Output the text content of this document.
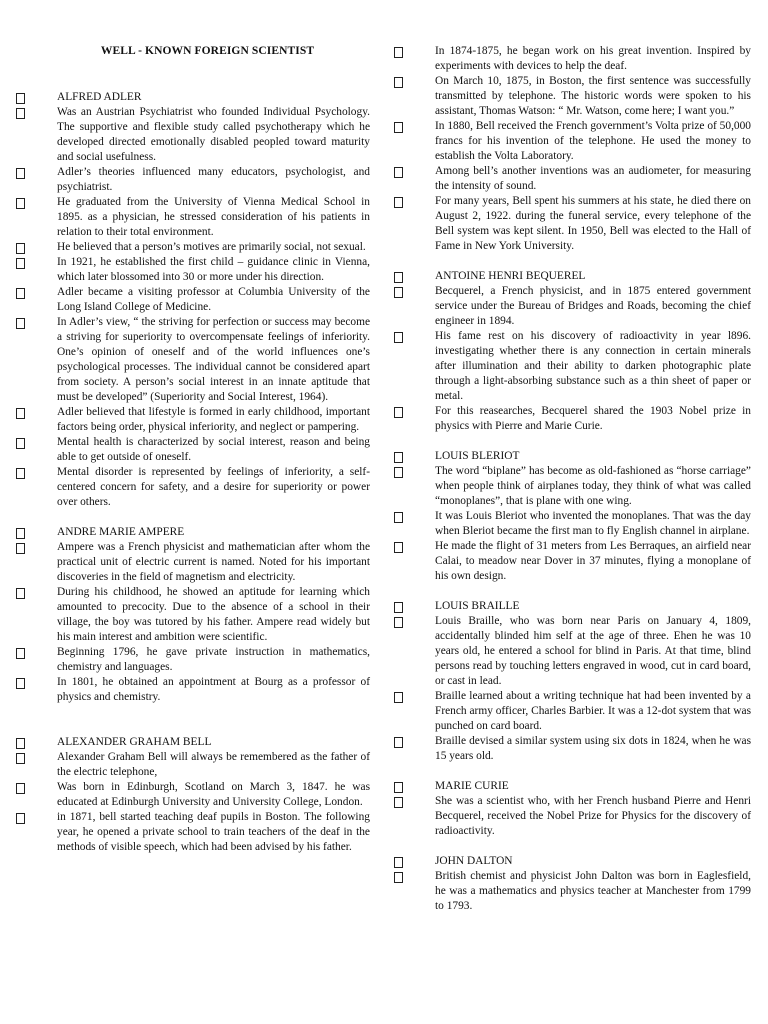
WELL - KNOWN FOREIGN SCIENTIST
ALFRED ADLER
Was an Austrian Psychiatrist who founded Individual Psychology. The supportive and flexible study called psychotherapy which he developed directed emotionally disabled peopled toward maturity and social usefulness.
Adler’s theories influenced many educators, psychologist, and psychiatrist.
He graduated from the University of Vienna Medical School in 1895. as a physician, he stressed consideration of his patients in relation to their total environment.
He believed that a person’s motives are primarily social, not sexual.
In 1921, he established the first child – guidance clinic in Vienna, which later blossomed into 30 or more under his direction.
Adler became a visiting professor at Columbia University of the Long Island College of Medicine.
In Adler’s view, “ the striving for perfection or success may become a striving for superiority to overcompensate feelings of inferiority. One’s opinion of oneself and of the world influences one’s psychological processes. The individual cannot be considered apart from society. A person’s social interest in an innate aptitude that must be developed” (Superiority and Social Interest, 1964).
Adler believed that lifestyle is formed in early childhood, important factors being order, physical inferiority, and neglect or pampering.
Mental health is characterized by social interest, reason and being able to get outside of oneself.
Mental disorder is represented by feelings of inferiority, a self-centered concern for safety, and a desire for superiority or power over others.
ANDRE MARIE AMPERE
Ampere was a French physicist and mathematician after whom the practical unit of electric current is named. Noted for his important discoveries in the field of magnetism and electricity.
During his childhood, he showed an aptitude for learning which amounted to precocity. Due to the absence of a school in their village, the boy was tutored by his father. Ampere read widely but his main interest and ambition were scientific.
Beginning 1796, he gave private instruction in mathematics, chemistry and languages.
In 1801, he obtained an appointment at Bourg as a professor of physics and chemistry.
ALEXANDER GRAHAM BELL
Alexander Graham Bell will always be remembered as the father of the electric telephone,
Was born in Edinburgh, Scotland on March 3, 1847. he was educated at Edinburgh University and University College, London.
in 1871, bell started teaching deaf pupils in Boston. The following year, he opened a private school to train teachers of the deaf in the methods of visible speech, which had been advised by his father.
In 1874-1875, he began work on his great invention. Inspired by experiments with devices to help the deaf.
On March 10, 1875, in Boston, the first sentence was successfully transmitted by telephone. The historic words were spoken to his assistant, Thomas Watson: “ Mr. Watson, come here; I want you.”
In 1880, Bell received the French government’s Volta prize of 50,000 francs for his invention of the telephone. He used the money to establish the Volta Laboratory.
Among bell’s another inventions was an audiometer, for measuring the intensity of sound.
For many years, Bell spent his summers at his state, he died there on August 2, 1922. during the funeral service, every telephone of the Bell system was kept silent. In 1950, Bell was elected to the Hall of Fame in New York University.
ANTOINE HENRI BEQUEREL
Becquerel, a French physicist, and in 1875 entered government service under the Bureau of Bridges and Roads, becoming the chief engineer in 1894.
His fame rest on his discovery of radioactivity in year l896. investigating whether there is any connection in certain minerals after illumination and their ability to darken photographic plate through a light-absorbing substance such as a thin sheet of paper or metal.
For this reasearches, Becquerel shared the 1903 Nobel prize in physics with Pierre and Marie Curie.
LOUIS BLERIOT
The word “biplane” has become as old-fashioned as “horse carriage” when people think of airplanes today, they think of what was called “monoplanes”, that is plane with one wing.
It was Louis Bleriot who invented the monoplanes. That was the day when Bleriot became the first man to fly English channel in airplane.
He made the flight of 31 meters from Les Berraques, an airfield near Calai, to meadow near Dover in 37 minutes, flying a monoplane of his own design.
LOUIS BRAILLE
Louis Braille, who was born near Paris on January 4, 1809, accidentally blinded him self at the age of three. Ehen he was 10 years old, he entered a school for blind in Paris. At that time, blind persons read by touching letters engraved in wood, cut in card board, or cast in lead.
Braille learned about a writing technique hat had been invented by a French army officer, Charles Barbier. It was a 12-dot system that was punched on card board.
Braille devised a similar system using six dots in 1824, when he was 15 years old.
MARIE CURIE
She was a scientist who, with her French husband Pierre and Henri Becquerel, received the Nobel Prize for Physics for the discovery of radioactivity.
JOHN DALTON
British chemist and physicist John Dalton was born in Eaglesfield, he was a mathematics and physics teacher at Manchester from 1799 to 1793.
